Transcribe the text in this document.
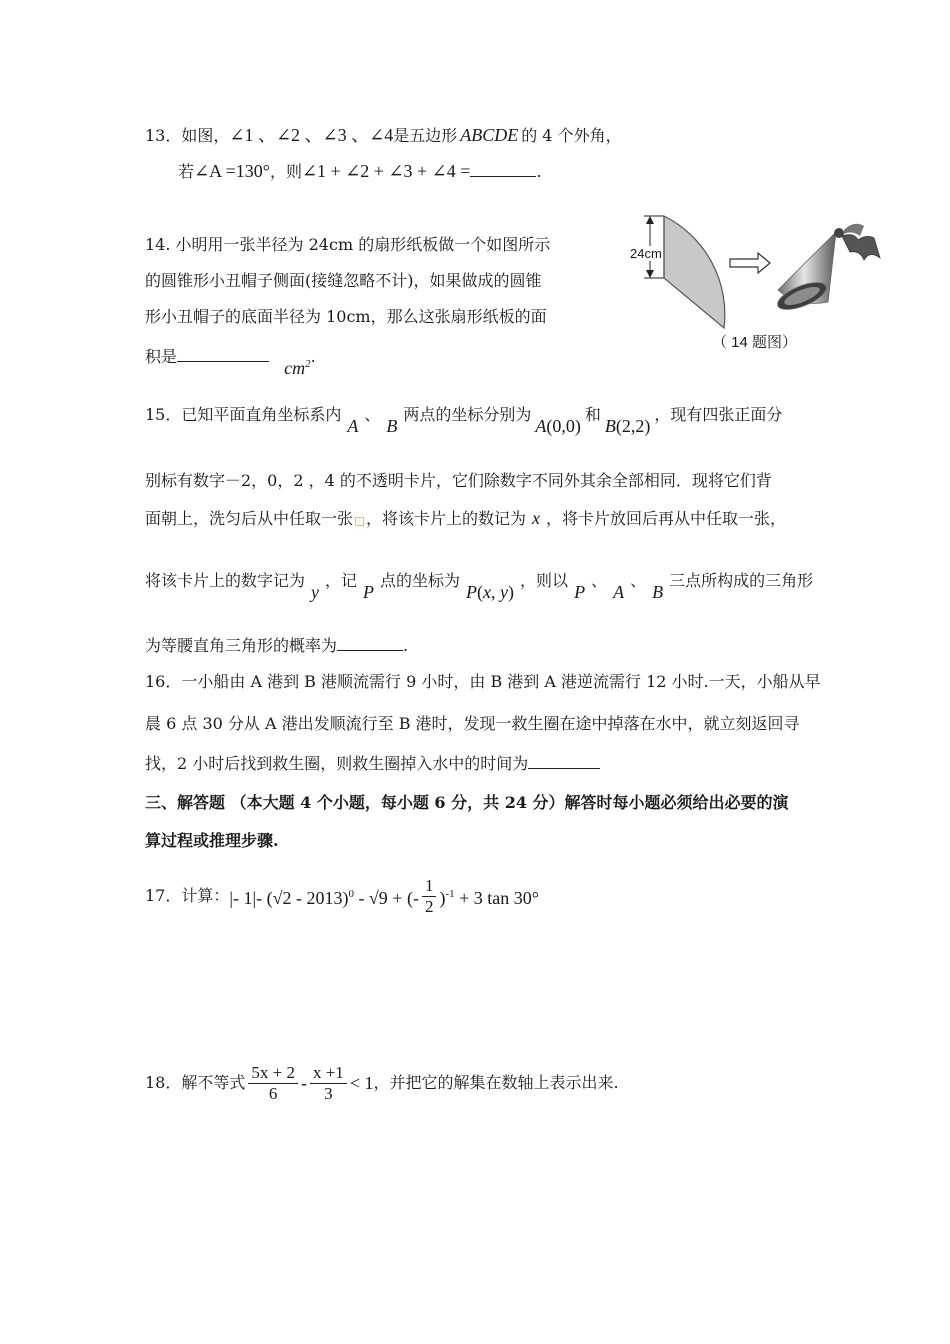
13．如图，∠1 、∠2 、∠3 、∠4是五边形 ABCDE 的 4 个外角，
若∠A =130°，则∠1 + ∠2 + ∠3 + ∠4 =	.
14. 小明用一张半径为 24cm 的扇形纸板做一个如图所示
的圆锥形小丑帽子侧面(接缝忽略不计)，如果做成的圆锥
形小丑帽子的底面半径为 10cm，那么这张扇形纸板的面
积是 $cm^2$.
24cm
（ 14 题图）
15．已知平面直角坐标系内A、B两点的坐标分别为A(0,0)和B(2,2)，现有四张正面分
别标有数字－2，0，2 ，4 的不透明卡片，它们除数字不同外其余全部相同．现将它们背
面朝上，洗匀后从中任取一张 ，将该卡片上的数记为 x ，将卡片放回后再从中任取一张，
将该卡片上的数字记为y，记P点的坐标为P(x, y)，则以P、A、B三点所构成的三角形
为等腰直角三角形的概率为	.
16．一小船由 A 港到 B 港顺流需行 9 小时，由 B 港到 A 港逆流需行 12 小时.一天，小船从早
晨 6 点 30 分从 A 港出发顺流行至 B 港时，发现一救生圈在途中掉落在水中，就立刻返回寻
找，2 小时后找到救生圈，则救生圈掉入水中的时间为
三、解答题 （本大题 4 个小题，每小题 6 分，共 24 分）解答时每小题必须给出必要的演
算过程或推理步骤.
17．计算： |- 1|- (√2 - 2013)$^0$ - √9 + (- $\frac{1}{2} )^{-1} + 3$ tan 30°
18．解不等式 $\frac{5x + 2}{6} - \frac{x +1}{3} < 1$ ，并把它的解集在数轴上表示出来.
